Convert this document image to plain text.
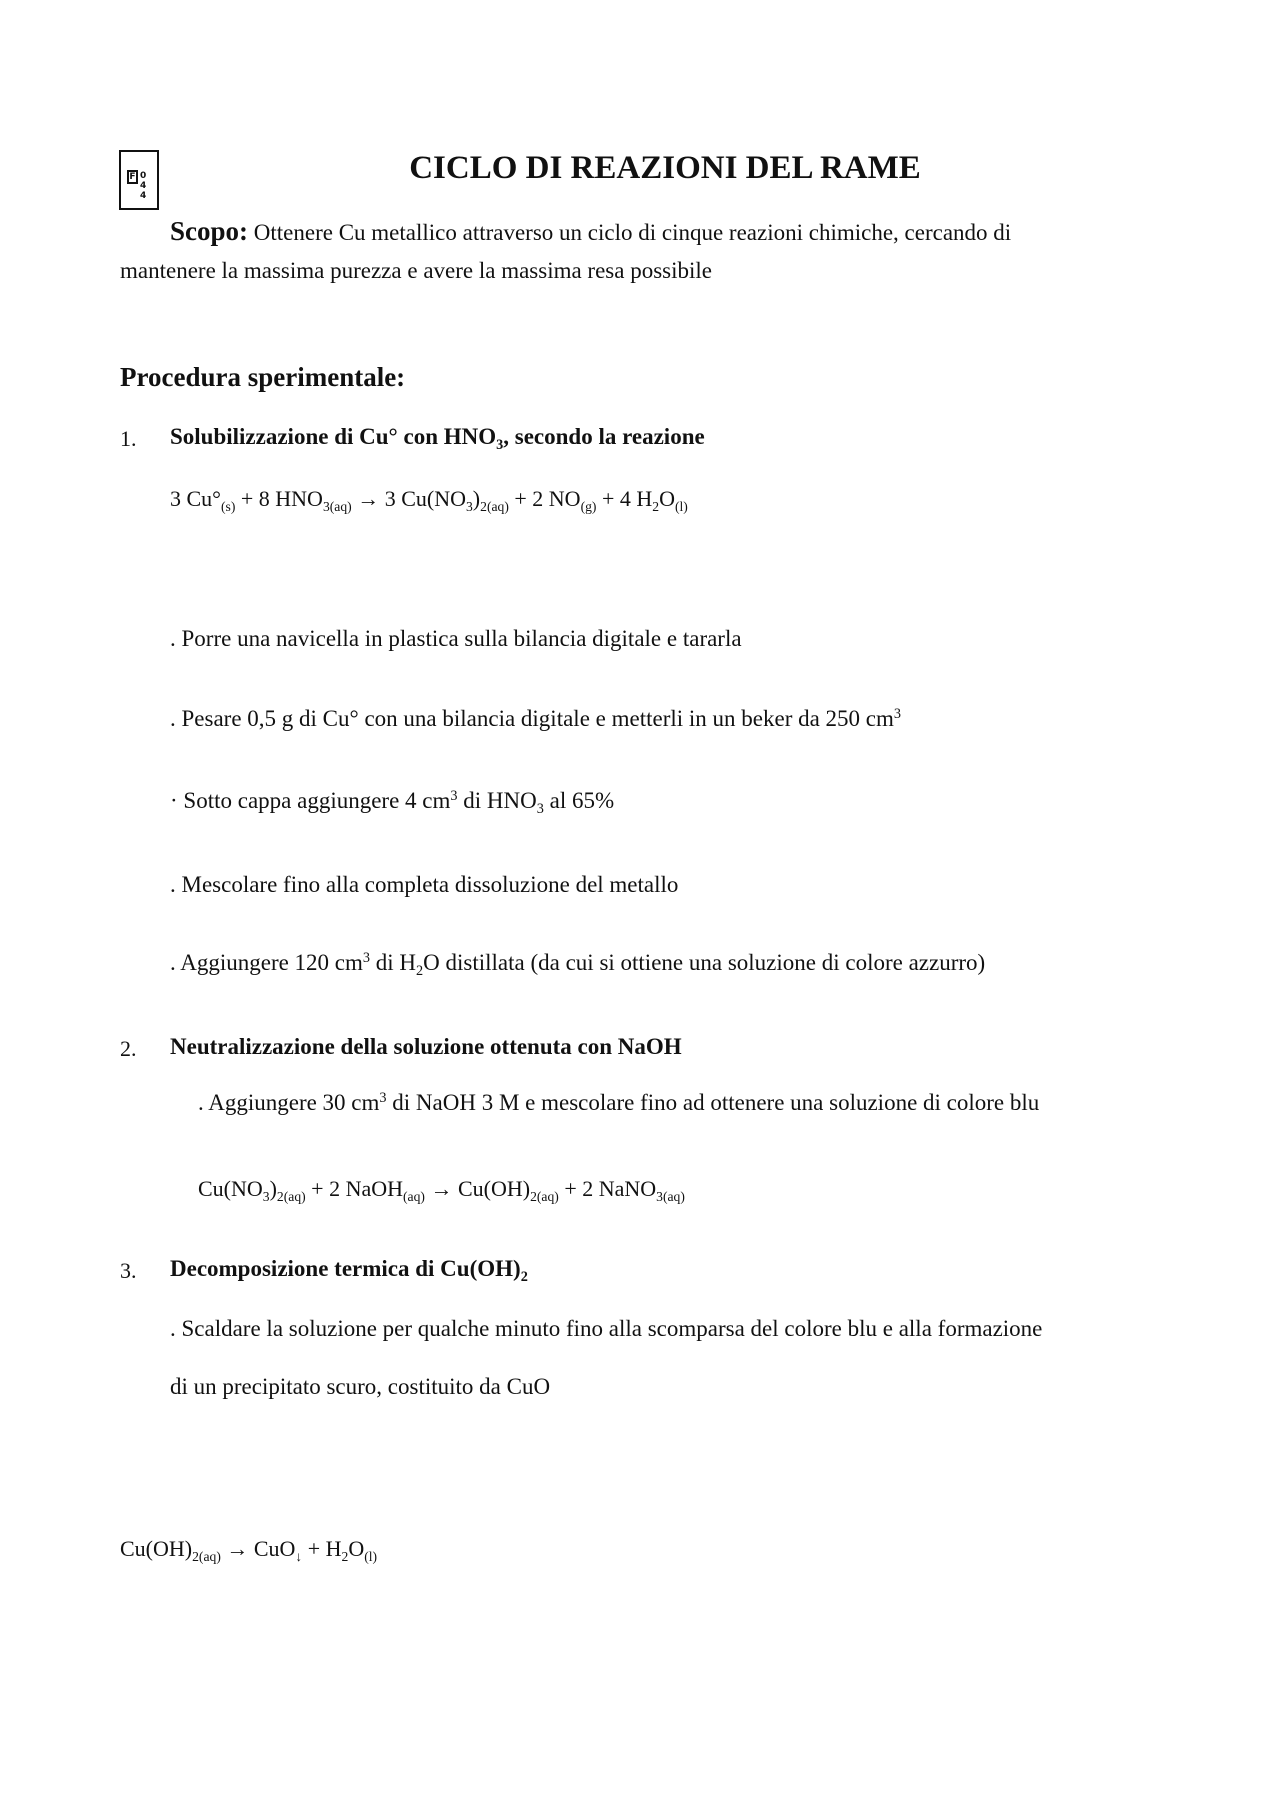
F 0 4 4
CICLO DI REAZIONI DEL RAME
Scopo: Ottenere Cu metallico attraverso un ciclo di cinque reazioni chimiche, cercando di
mantenere la massima purezza e avere la massima resa possibile
Procedura sperimentale:
1. Solubilizzazione di Cu° con $HNO_3$, secondo la reazione
3 $Cu^\circ_{(s)} + 8$ $HNO_{3(aq)} \to 3$ $Cu(NO_3)_{2(aq)} + 2$ $NO_{(g)} + 4$ $H_2O_{(l)}$
. Porre una navicella in plastica sulla bilancia digitale e tararla
. Pesare 0,5 g di Cu° con una bilancia digitale e metterli in un beker da 250 $cm^3$
· Sotto cappa aggiungere 4 $cm^3$ di $HNO_3$ al 65%
. Mescolare fino alla completa dissoluzione del metallo
. Aggiungere 120 $cm^3$ di $H_2O$ distillata (da cui si ottiene una soluzione di colore azzurro)
2. Neutralizzazione della soluzione ottenuta con NaOH
. Aggiungere 30 $cm^3$ di NaOH 3 M e mescolare fino ad ottenere una soluzione di colore blu
$Cu(NO_3)_{2(aq)} + 2$ NaOH$_{(aq)}$ → $Cu(OH)_{2(aq)} + 2$ NaNO$_{3(aq)}$
3. Decomposizione termica di $Cu(OH)_2$
. Scaldare la soluzione per qualche minuto fino alla scomparsa del colore blu e alla formazione
di un precipitato scuro, costituito da CuO
$Cu(OH)_{2(aq)} \to CuO_↓ + H_2O_{(l)}$
